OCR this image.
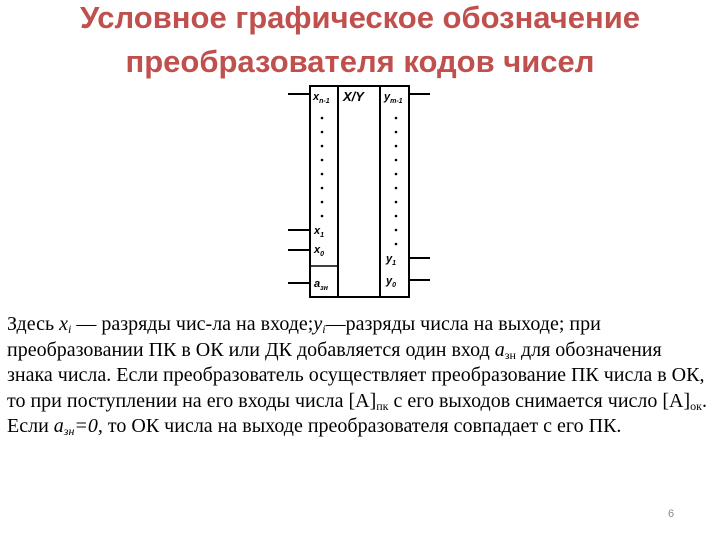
Условное графическое обозначение
преобразователя кодов чисел
X/Y
$x_{n-1}$	$y_{m-1}$
$x_1$
$x_0$	$y_1$
$y_0$
$a_{зн}$
Здесь $x_i$ — разряды чис-ла на $входе;y_i—разряды$ числа на выходе; при преобразовании ПК в ОК или ДК добавляется один вход $a_{зн}$ для обозначения знака числа. Если преобразователь осуществляет преобразование ПК числа в ОК, то при поступлении на его входы числа $[A]_{пк}$ с его выходов снимается число $[A]_{ок}$. Если $a_{зн}=0$, то ОК числа на выходе преобразователя совпадает с его ПК.
6
